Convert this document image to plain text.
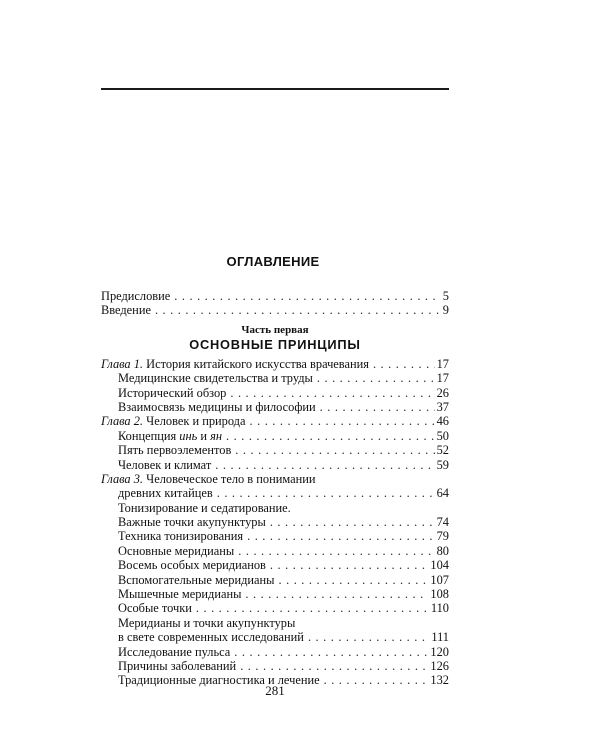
ОГЛАВЛЕНИЕ
Предисловие . . .	5
Введение . . .	9
Часть первая
ОСНОВНЫЕ ПРИНЦИПЫ
Глава 1. История китайского искусства врачевания . . .	17
Медицинские свидетельства и труды . . .	17
Исторический обзор . . .	26
Взаимосвязь медицины и философии . . .	37
Глава 2. Человек и природа . . .	46
Концепция инь и ян . . .	50
Пять первоэлементов . . .	52
Человек и климат . . .	59
Глава 3. Человеческое тело в понимании
древних китайцев . . .	64
Тонизирование и седатирование.
Важные точки акупунктуры . . .	74
Техника тонизирования . . .	79
Основные меридианы . . .	80
Восемь особых меридианов . . .	104
Вспомогательные меридианы . . .	107
Мышечные меридианы . . .	108
Особые точки . . .	110
Меридианы и точки акупунктуры
в свете современных исследований . . .	111
Исследование пульса . . .	120
Причины заболеваний . . .	126
Традиционные диагностика и лечение . . .	132
281
